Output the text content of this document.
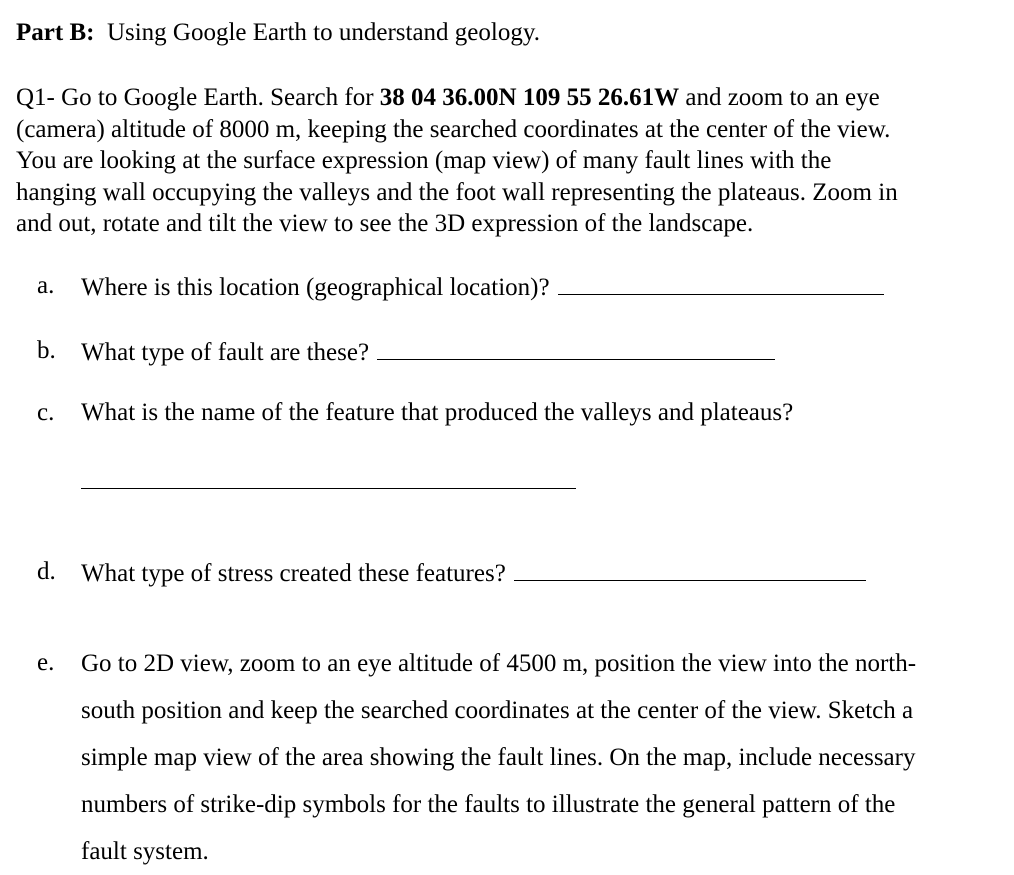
Part B: Using Google Earth to understand geology.
Q1- Go to Google Earth. Search for 38 04 36.00N 109 55 26.61W and zoom to an eye
(camera) altitude of 8000 m, keeping the searched coordinates at the center of the view.
You are looking at the surface expression (map view) of many fault lines with the
hanging wall occupying the valleys and the foot wall representing the plateaus. Zoom in
and out, rotate and tilt the view to see the 3D expression of the landscape.
a. Where is this location (geographical location)?
b. What type of fault are these?
c. What is the name of the feature that produced the valleys and plateaus?
d. What type of stress created these features?
e. Go to 2D view, zoom to an eye altitude of 4500 m, position the view into the north-
south position and keep the searched coordinates at the center of the view. Sketch a
simple map view of the area showing the fault lines. On the map, include necessary
numbers of strike-dip symbols for the faults to illustrate the general pattern of the
fault system.
